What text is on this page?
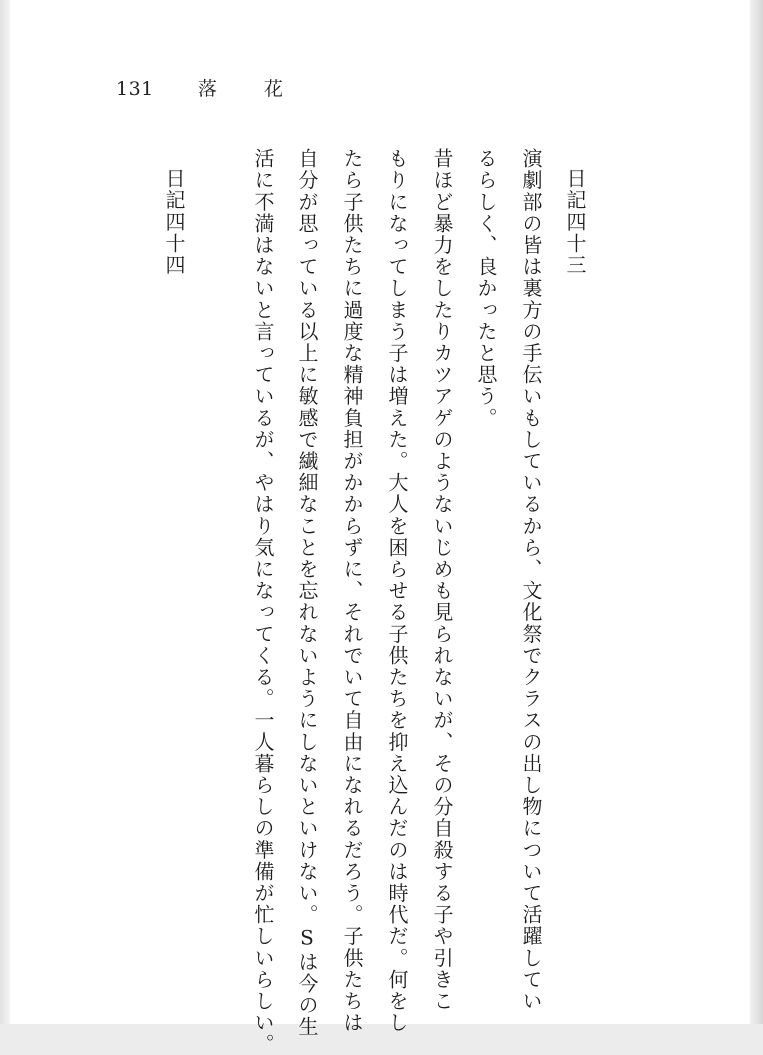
131 落　花
日記四十三
演劇部の皆は裏方の手伝いもしているから、文化祭でクラスの出し物について活躍してい
るらしく、良かったと思う。
昔ほど暴力をしたりカツアゲのようないじめも見られないが、その分自殺する子や引きこ
もりになってしまう子は増えた。大人を困らせる子供たちを抑え込んだのは時代だ。何をし
たら子供たちに過度な精神負担がかからずに、それでいて自由になれるだろう。子供たちは
自分が思っている以上に敏感で繊細なことを忘れないようにしないといけない。Sは今の生
活に不満はないと言っているが、やはり気になってくる。一人暮らしの準備が忙しいらしい。
日記四十四
